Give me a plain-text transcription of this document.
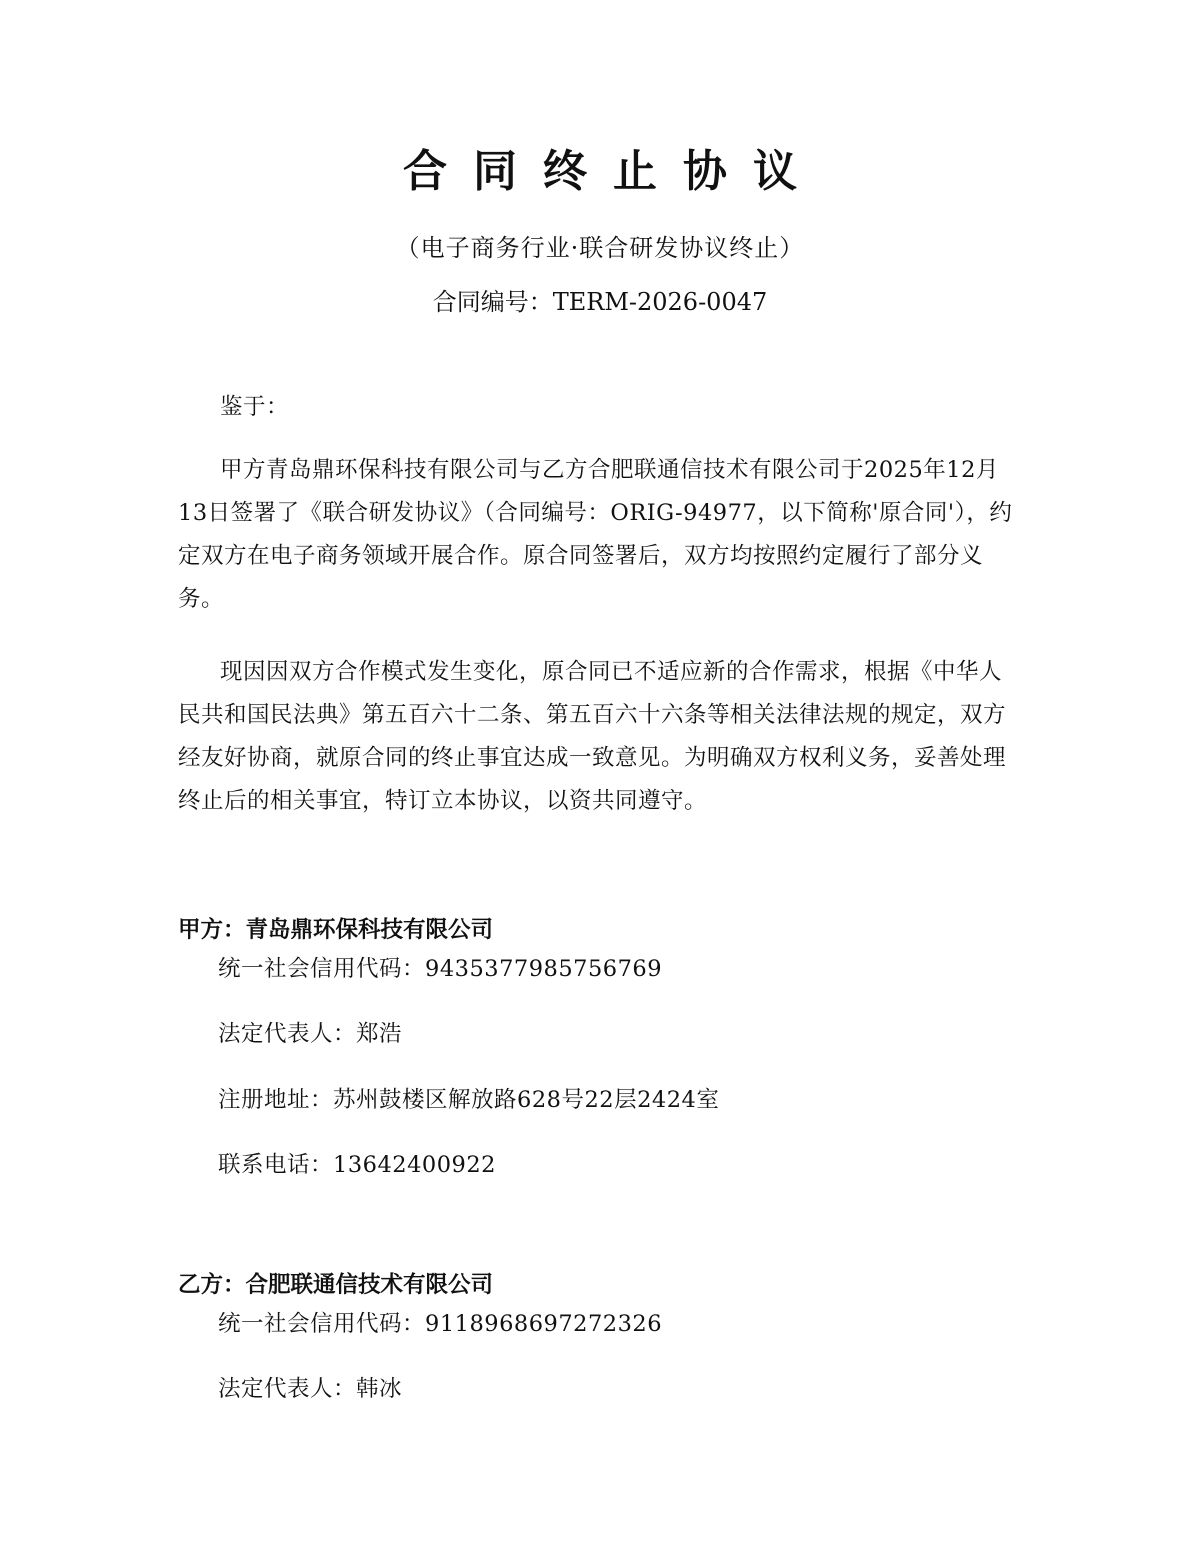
合同终止协议
（电子商务行业·联合研发协议终止）
合同编号：TERM-2026-0047
鉴于：
甲方青岛鼎环保科技有限公司与乙方合肥联通信技术有限公司于2025年12月13日签署了《联合研发协议》（合同编号：ORIG-94977，以下简称'原合同'），约定双方在电子商务领域开展合作。原合同签署后，双方均按照约定履行了部分义务。
现因因双方合作模式发生变化，原合同已不适应新的合作需求，根据《中华人民共和国民法典》第五百六十二条、第五百六十六条等相关法律法规的规定，双方经友好协商，就原合同的终止事宜达成一致意见。为明确双方权利义务，妥善处理终止后的相关事宜，特订立本协议，以资共同遵守。
甲方：青岛鼎环保科技有限公司
统一社会信用代码：9435377985756769
法定代表人：郑浩
注册地址：苏州鼓楼区解放路628号22层2424室
联系电话：13642400922
乙方：合肥联通信技术有限公司
统一社会信用代码：9118968697272326
法定代表人：韩冰
